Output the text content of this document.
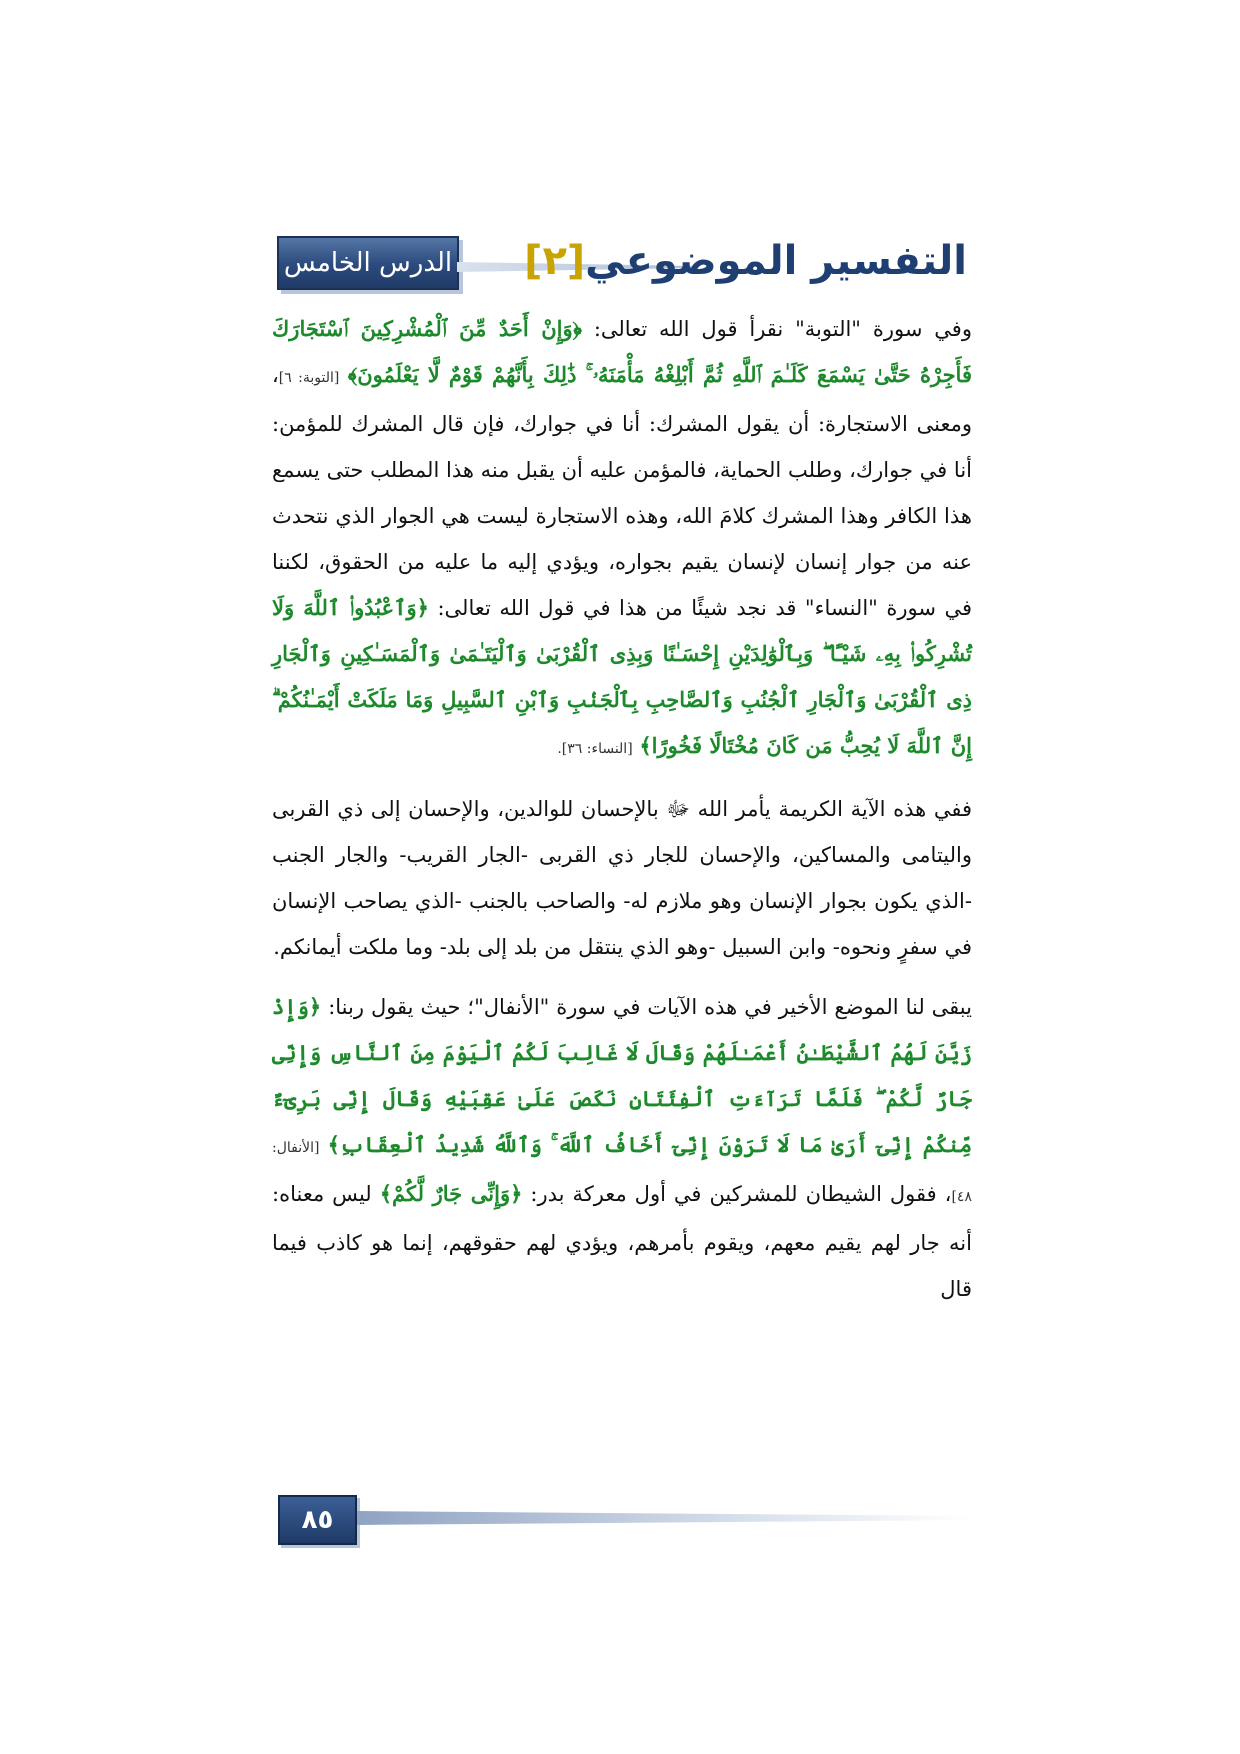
الدرس الخامس	التفسير الموضوعي
[٢]

وفي سورة "التوبة" نقرأ قول الله تعالى: ﴿وَإِنْ أَحَدٌ مِّنَ ٱلْمُشْرِكِينَ ٱسْتَجَارَكَ فَأَجِرْهُ حَتَّىٰ يَسْمَعَ كَلَـٰمَ ٱللَّهِ ثُمَّ أَبْلِغْهُ مَأْمَنَهُۥ ۚ ذَٰلِكَ بِأَنَّهُمْ قَوْمٌ لَّا يَعْلَمُونَ﴾ [التوبة: ٦]، ومعنى الاستجارة: أن يقول المشرك: أنا في جوارك، فإن قال المشرك للمؤمن: أنا في جوارك، وطلب الحماية، فالمؤمن عليه أن يقبل منه هذا المطلب حتى يسمع هذا الكافر وهذا المشرك كلامَ الله، وهذه الاستجارة ليست هي الجوار الذي نتحدث عنه من جوار إنسان لإنسان يقيم بجواره، ويؤدي إليه ما عليه من الحقوق، لكننا في سورة "النساء" قد نجد شيئًا من هذا في قول الله تعالى: ﴿وَٱعْبُدُوا۟ ٱللَّهَ وَلَا تُشْرِكُوا۟ بِهِۦ شَيْـًٔا ۖ وَبِٱلْوَٰلِدَيْنِ إِحْسَـٰنًا وَبِذِى ٱلْقُرْبَىٰ وَٱلْيَتَـٰمَىٰ وَٱلْمَسَـٰكِينِ وَٱلْجَارِ ذِى ٱلْقُرْبَىٰ وَٱلْجَارِ ٱلْجُنُبِ وَٱلصَّاحِبِ بِٱلْجَنۢبِ وَٱبْنِ ٱلسَّبِيلِ وَمَا مَلَكَتْ أَيْمَـٰنُكُمْ ۗ إِنَّ ٱللَّهَ لَا يُحِبُّ مَن كَانَ مُخْتَالًا فَخُورًا﴾ [النساء: ٣٦].

ففي هذه الآية الكريمة يأمر الله ﷻ بالإحسان للوالدين، والإحسان إلى ذي القربى واليتامى والمساكين، والإحسان للجار ذي القربى -الجار القريب- والجار الجنب -الذي يكون بجوار الإنسان وهو ملازم له- والصاحب بالجنب -الذي يصاحب الإنسان في سفرٍ ونحوه- وابن السبيل -وهو الذي ينتقل من بلد إلى بلد- وما ملكت أيمانكم.

يبقى لنا الموضع الأخير في هذه الآيات في سورة "الأنفال"؛ حيث يقول ربنا: ﴿وَإِذْ زَيَّنَ لَهُمُ ٱلشَّيْطَـٰنُ أَعْمَـٰلَهُمْ وَقَالَ لَا غَالِبَ لَكُمُ ٱلْيَوْمَ مِنَ ٱلنَّاسِ وَإِنِّى جَارٌ لَّكُمْ ۖ فَلَمَّا تَرَآءَتِ ٱلْفِئَتَانِ نَكَصَ عَلَىٰ عَقِبَيْهِ وَقَالَ إِنِّى بَرِىٓءٌ مِّنكُمْ إِنِّىٓ أَرَىٰ مَا لَا تَرَوْنَ إِنِّىٓ أَخَافُ ٱللَّهَ ۚ وَٱللَّهُ شَدِيدُ ٱلْعِقَابِ﴾ [الأنفال: ٤٨]، فقول الشيطان للمشركين في أول معركة بدر: ﴿وَإِنِّى جَارٌ لَّكُمْ﴾ ليس معناه: أنه جار لهم يقيم معهم، ويقوم بأمرهم، ويؤدي لهم حقوقهم، إنما هو كاذب فيما قال

٨٥
